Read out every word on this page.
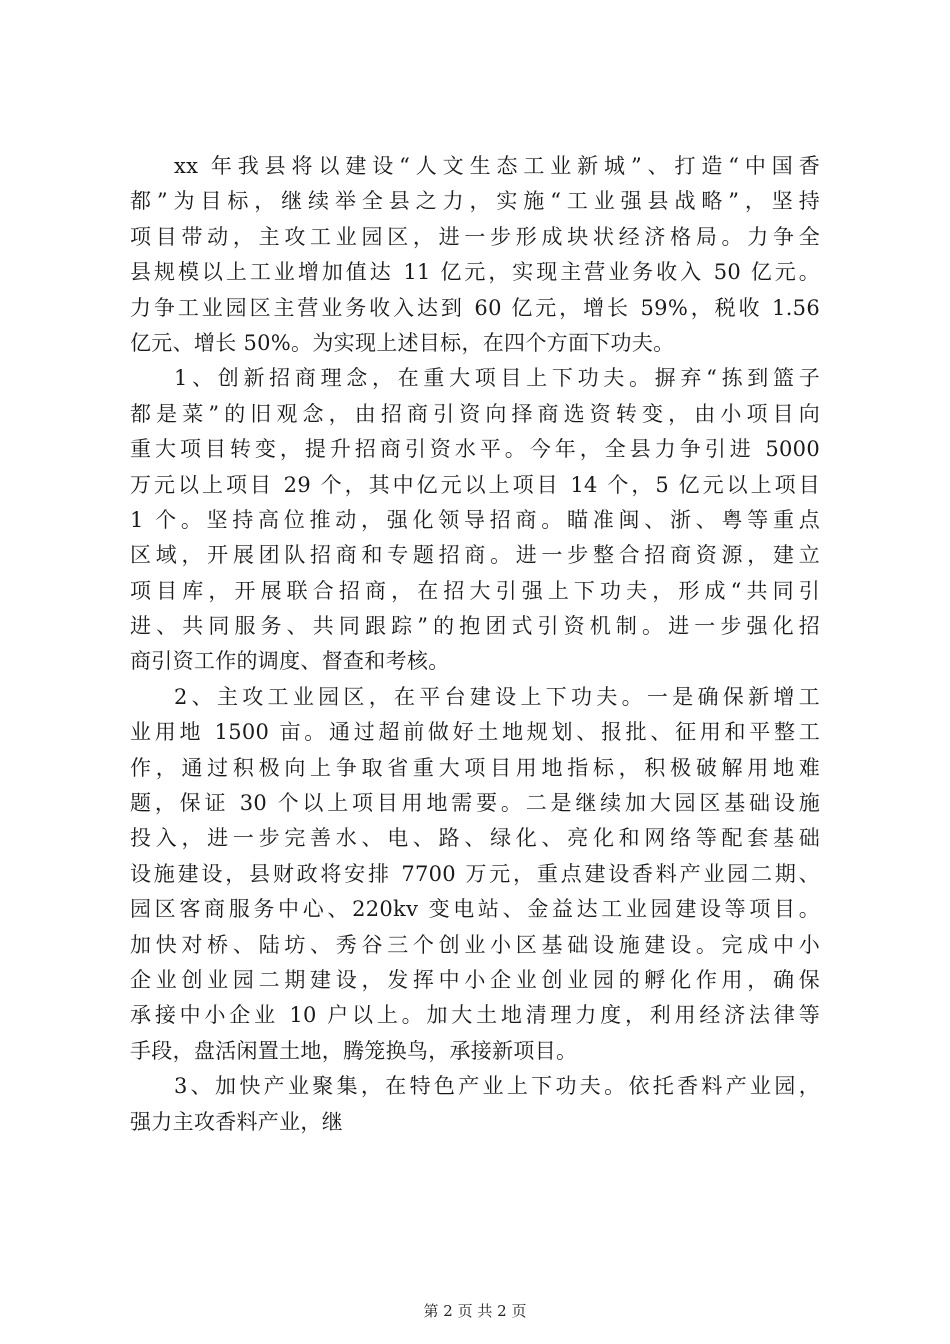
xx 年我县将以建设“人文生态工业新城”、打造“中国香

都”为目标，继续举全县之力，实施“工业强县战略”，坚持

项目带动，主攻工业园区，进一步形成块状经济格局。力争全

县规模以上工业增加值达 11 亿元，实现主营业务收入 50 亿元。

力争工业园区主营业务收入达到 60 亿元，增长 59%，税收 1.56

亿元、增长 50%。为实现上述目标，在四个方面下功夫。

1、创新招商理念，在重大项目上下功夫。摒弃“拣到篮子

都是菜”的旧观念，由招商引资向择商选资转变，由小项目向

重大项目转变，提升招商引资水平。今年，全县力争引进 5000

万元以上项目 29 个，其中亿元以上项目 14 个，5 亿元以上项目

1 个。坚持高位推动，强化领导招商。瞄准闽、浙、粤等重点

区域，开展团队招商和专题招商。进一步整合招商资源，建立

项目库，开展联合招商，在招大引强上下功夫，形成“共同引

进、共同服务、共同跟踪”的抱团式引资机制。进一步强化招

商引资工作的调度、督查和考核。

2、主攻工业园区，在平台建设上下功夫。一是确保新增工

业用地 1500 亩。通过超前做好土地规划、报批、征用和平整工

作，通过积极向上争取省重大项目用地指标，积极破解用地难

题，保证 30 个以上项目用地需要。二是继续加大园区基础设施

投入，进一步完善水、电、路、绿化、亮化和网络等配套基础

设施建设，县财政将安排 7700 万元，重点建设香料产业园二期、

园区客商服务中心、220kv 变电站、金益达工业园建设等项目。

加快对桥、陆坊、秀谷三个创业小区基础设施建设。完成中小

企业创业园二期建设，发挥中小企业创业园的孵化作用，确保

承接中小企业 10 户以上。加大土地清理力度，利用经济法律等

手段，盘活闲置土地，腾笼换鸟，承接新项目。

3、加快产业聚集，在特色产业上下功夫。依托香料产业园，

强力主攻香料产业，继

第 2 页 共 2 页
